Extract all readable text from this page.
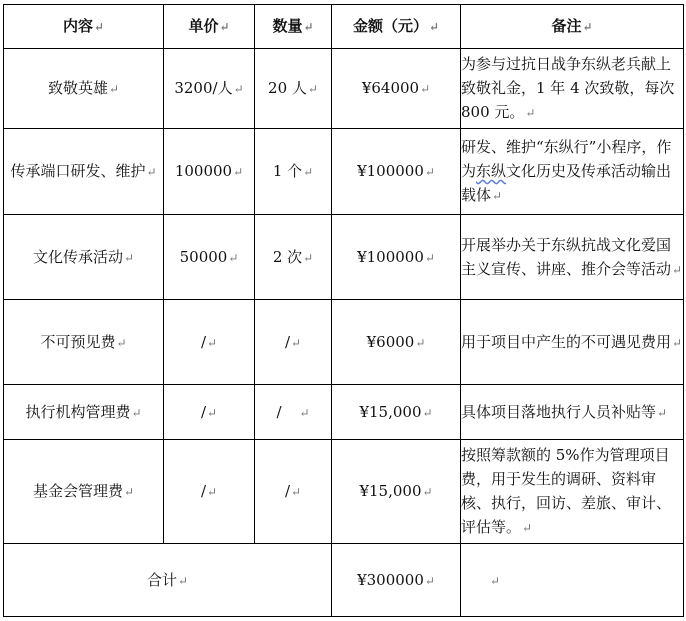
内容↵	单价↵	数量↵	金额（元）↵	备注↵
致敬英雄↵	3200/人↵	20 人↵	¥64000↵	为参与过抗日战争东纵老兵献上致敬礼金，1 年 4 次致敬，每次 800 元。↵
传承端口研发、维护↵	100000↵	1 个↵	¥100000↵	研发、维护“东纵行”小程序，作为东纵文化历史及传承活动输出载体↵
文化传承活动↵	50000↵	2 次↵	¥100000↵	开展举办关于东纵抗战文化爱国主义宣传、讲座、推介会等活动↵
不可预见费↵	/↵	/↵	¥6000↵	用于项目中产生的不可遇见费用↵
执行机构管理费↵	/↵	/ ↵	¥15,000↵	具体项目落地执行人员补贴等↵
基金会管理费↵	/↵	/↵	¥15,000↵	按照筹款额的 5%作为管理项目费，用于发生的调研、资料审核、执行，回访、差旅、审计、评估等。↵
合计↵			¥300000↵	↵
